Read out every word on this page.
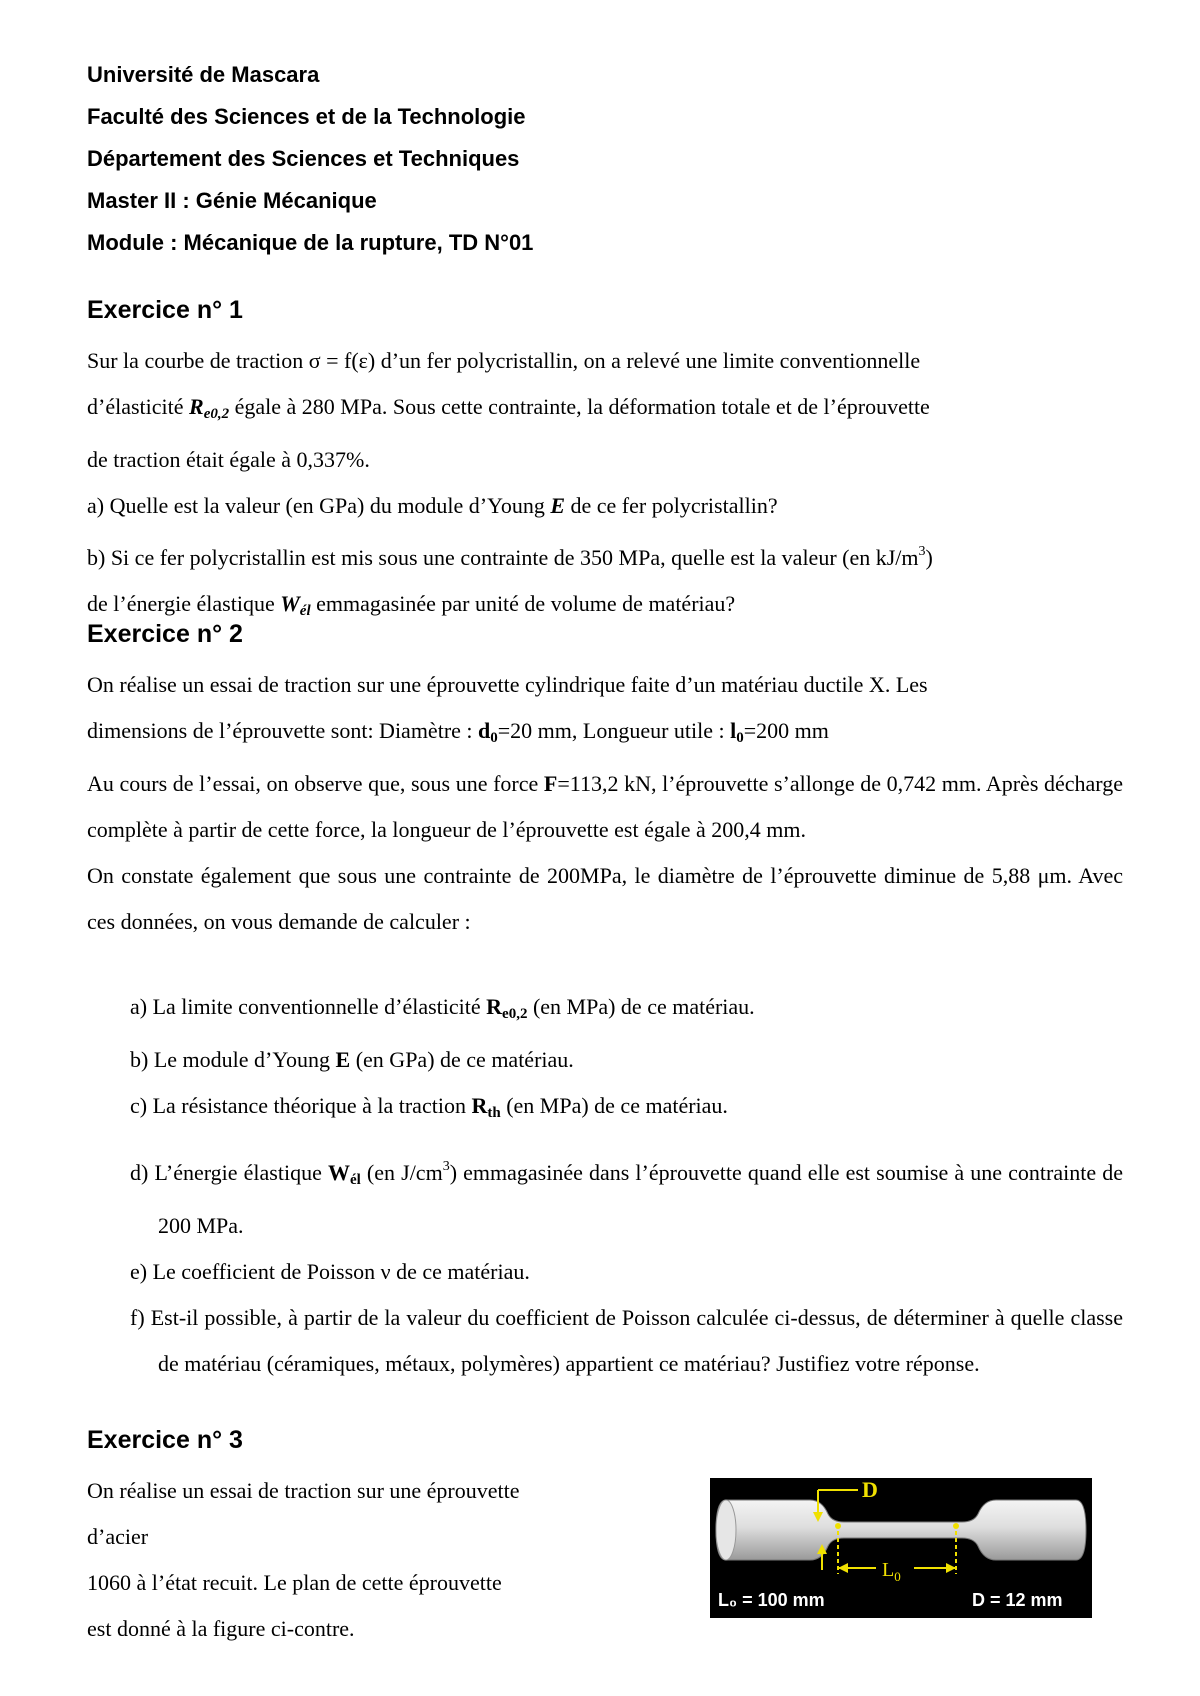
Université de Mascara
Faculté des Sciences et de la Technologie
Département des Sciences et Techniques
Master II : Génie Mécanique
Module : Mécanique de la rupture, TD N°01
Exercice n° 1

Sur la courbe de traction σ = f(ε) d’un fer polycristallin, on a relevé une limite conventionnelle

d’élasticité $R_{e0,2}$ égale à 280 MPa. Sous cette contrainte, la déformation totale et de l’éprouvette

de traction était égale à 0,337%.

a) Quelle est la valeur (en GPa) du module d’Young E de ce fer polycristallin?

b) Si ce fer polycristallin est mis sous une contrainte de 350 MPa, quelle est la valeur (en $kJ/m^3$)

de l’énergie élastique $W_{él}$ emmagasinée par unité de volume de matériau?

Exercice n° 2

On réalise un essai de traction sur une éprouvette cylindrique faite d’un matériau ductile X. Les

dimensions de l’éprouvette sont: Diamètre : $d_0=20$ mm, Longueur utile : $l_0=200$ mm

Au cours de l’essai, on observe que, sous une force F=113,2 kN, l’éprouvette s’allonge de 0,742 mm. Après décharge complète à partir de cette force, la longueur de l’éprouvette est égale à 200,4 mm.

On constate également que sous une contrainte de 200MPa, le diamètre de l’éprouvette diminue de 5,88 μm. Avec ces données, on vous demande de calculer :

a) La limite conventionnelle d’élasticité $R_{e0,2}$ (en MPa) de ce matériau.

b) Le module d’Young E (en GPa) de ce matériau.

c) La résistance théorique à la traction $R_{th}$ (en MPa) de ce matériau.

d) L’énergie élastique $W_{él}$ (en $J/cm^3$) emmagasinée dans l’éprouvette quand elle est soumise à une contrainte de 200 MPa.

e) Le coefficient de Poisson ν de ce matériau.

f) Est-il possible, à partir de la valeur du coefficient de Poisson calculée ci-dessus, de déterminer à quelle classe de matériau (céramiques, métaux, polymères) appartient ce matériau? Justifiez votre réponse.

Exercice n° 3

On réalise un essai de traction sur une éprouvette

d’acier

1060 à l’état recuit. Le plan de cette éprouvette

est donné à la figure ci-contre.

D
$L_0$
L₀ = 100 mm	D = 12 mm
